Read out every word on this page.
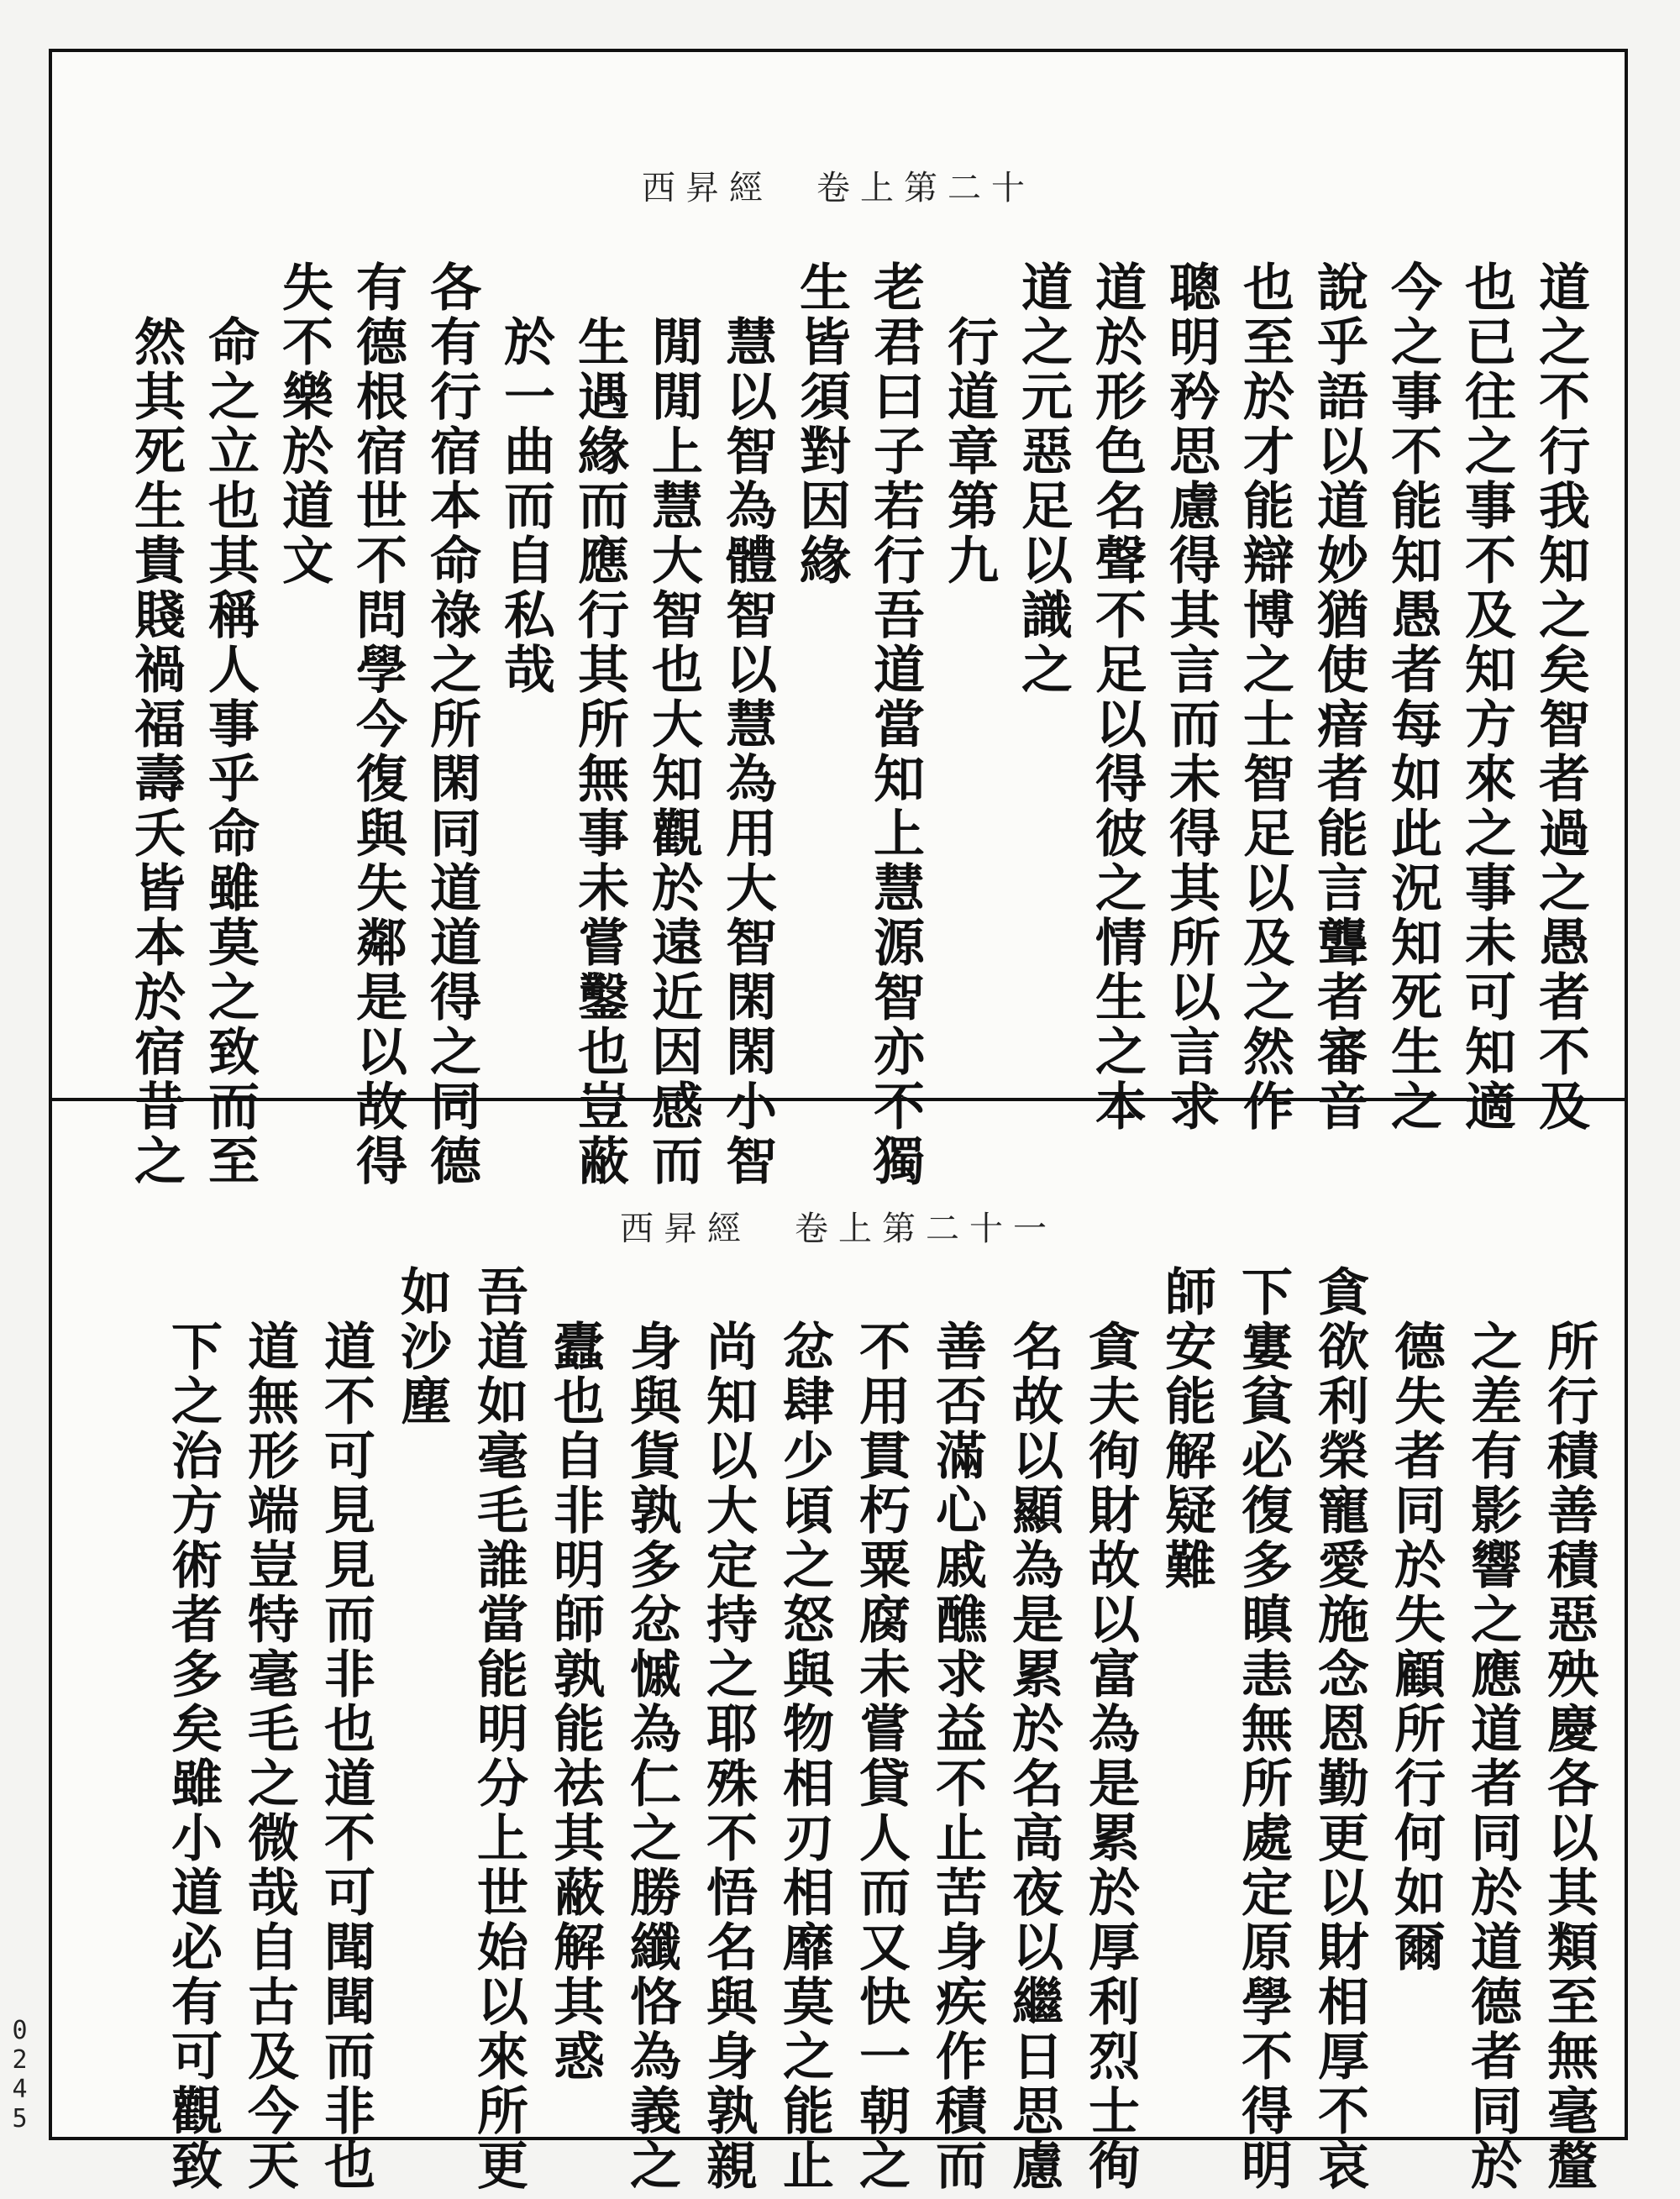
西昇經　卷上第二十
道之不行我知之矣智者過之愚者不及
也已往之事不及知方來之事未可知適
今之事不能知愚者每如此況知死生之
說乎語以道妙猶使瘖者能言聾者審音
也至於才能辯博之士智足以及之然作
聰明矜思慮得其言而未得其所以言求
道於形色名聲不足以得彼之情生之本
道之元惡足以識之
　行道章第九
老君曰子若行吾道當知上慧源智亦不獨
生皆須對因緣
　慧以智為體智以慧為用大智閑閑小智
　閒閒上慧大智也大知觀於遠近因感而
　生遇緣而應行其所無事未嘗鑿也豈蔽
　於一曲而自私哉
各有行宿本命祿之所閑同道道得之同德
有德根宿世不問學今復與失鄰是以故得
失不樂於道文
　命之立也其稱人事乎命雖莫之致而至
　然其死生貴賤禍福壽夭皆本於宿昔之
西昇經　卷上第二十一
　所行積善積惡殃慶各以其類至無毫釐
　之差有影響之應道者同於道德者同於
　德失者同於失顧所行何如爾
貪欲利榮寵愛施念恩勤更以財相厚不哀
下寠貧必復多瞋恚無所處定原學不得明
師安能解疑難
　貪夫徇財故以富為是累於厚利烈士徇
　名故以顯為是累於名高夜以繼日思慮
　善否滿心戚醮求益不止苦身疾作積而
　不用貫朽粟腐未嘗貸人而又快一朝之
　忿肆少頃之怒與物相刃相靡莫之能止
　尚知以大定持之耶殊不悟名與身孰親
　身與貨孰多忿慽為仁之勝纖恪為義之
　蠹也自非明師孰能祛其蔽解其惑
吾道如毫毛誰當能明分上世始以來所更
如沙塵
　道不可見見而非也道不可聞聞而非也
　道無形端豈特毫毛之微哉自古及今天
　下之治方術者多矣雖小道必有可觀致
0245
